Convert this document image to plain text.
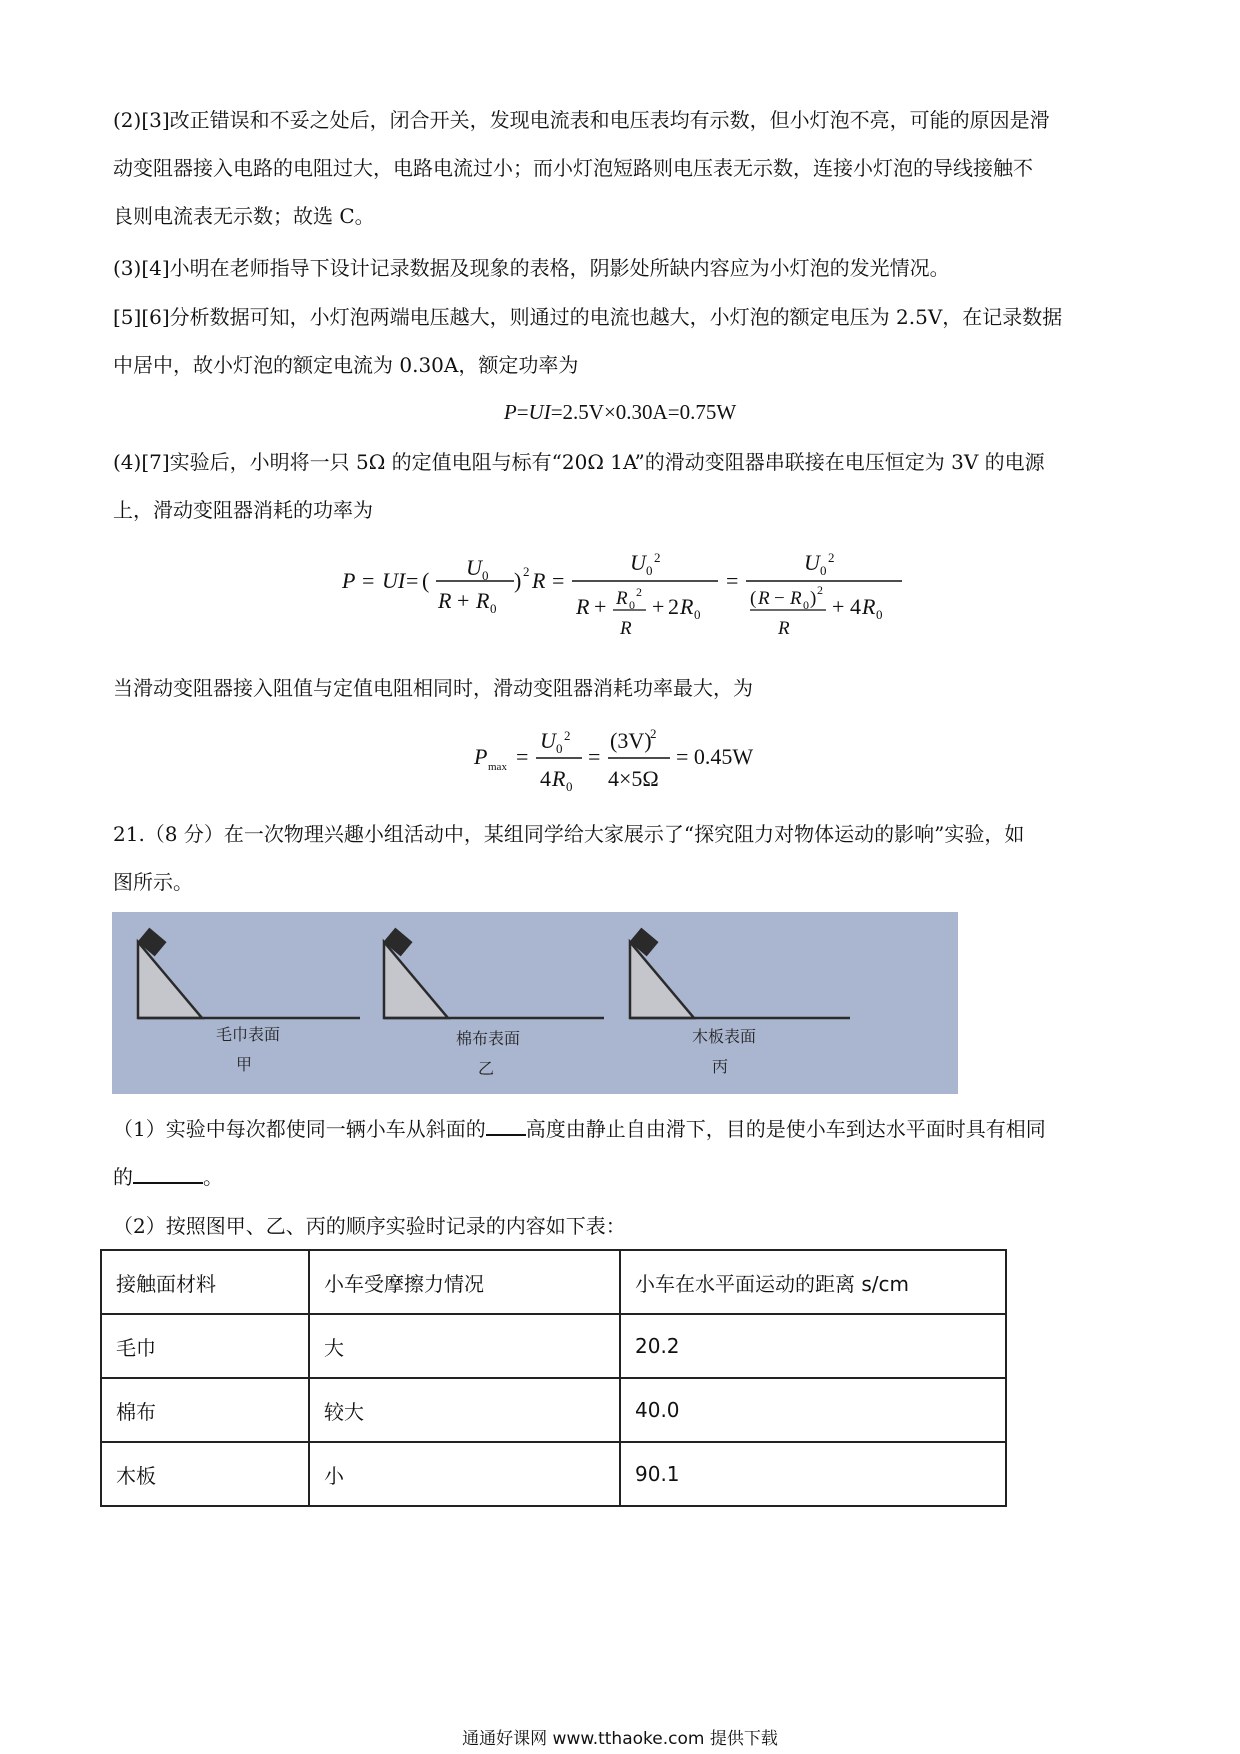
(2)[3]改正错误和不妥之处后，闭合开关，发现电流表和电压表均有示数，但小灯泡不亮，可能的原因是滑
动变阻器接入电路的电阻过大，电路电流过小；而小灯泡短路则电压表无示数，连接小灯泡的导线接触不
良则电流表无示数；故选 C。
(3)[4]小明在老师指导下设计记录数据及现象的表格，阴影处所缺内容应为小灯泡的发光情况。
[5][6]分析数据可知，小灯泡两端电压越大，则通过的电流也越大，小灯泡的额定电压为 2.5V，在记录数据
中居中，故小灯泡的额定电流为 0.30A，额定功率为
P=UI=2.5V×0.30A=0.75W
(4)[7]实验后，小明将一只 5Ω 的定值电阻与标有“20Ω 1A”的滑动变阻器串联接在电压恒定为 3V 的电源
上，滑动变阻器消耗的功率为
P = UI = (
U 0
R + R 0
) 2 R =
U 0
2
R + R 0
2
R
+ 2 R 0
=
U 0
2
( R − R 0 ) 2
R
+ 4 R 0
当滑动变阻器接入阻值与定值电阻相同时，滑动变阻器消耗功率最大，为
P max =
U 0
2
4 R 0
=
(3V)
2
4×5Ω
= 0.45W
21.（8 分）在一次物理兴趣小组活动中，某组同学给大家展示了“探究阻力对物体运动的影响”实验，如
图所示。
毛巾表面
甲
棉布表面
乙
木板表面
丙
（1）实验中每次都使同一辆小车从斜面的 高度由静止自由滑下，目的是使小车到达水平面时具有相同
的	。
（2）按照图甲、乙、丙的顺序实验时记录的内容如下表：
接触面材料	小车受摩擦力情况	小车在水平面运动的距离 s/cm
毛巾	大	20.2
棉布	较大	40.0
木板	小	90.1
通通好课网 www.tthaoke.com 提供下载
